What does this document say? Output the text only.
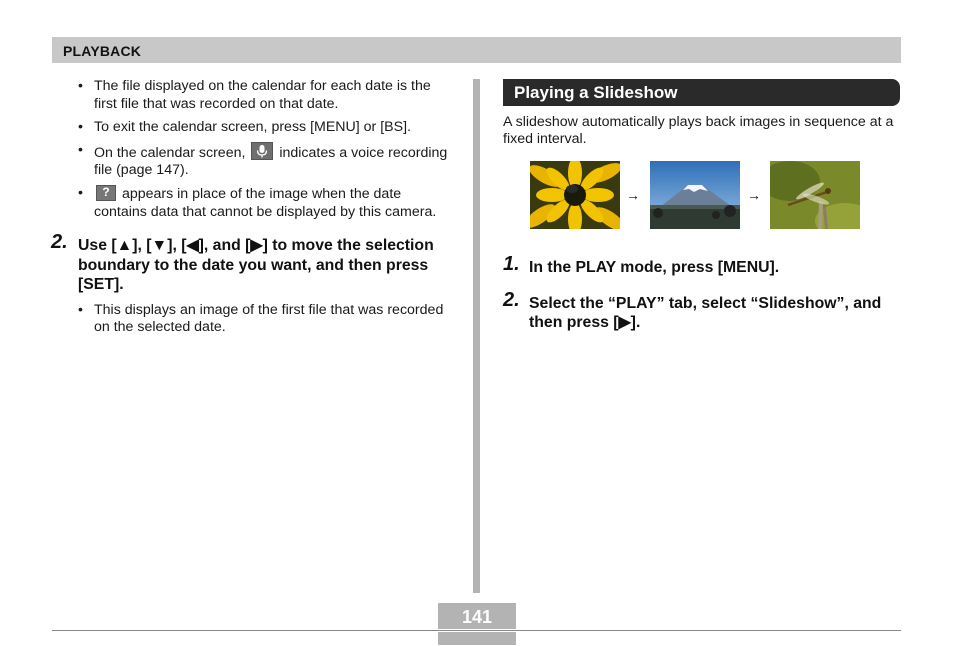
PLAYBACK
• The file displayed on the calendar for each date is the first file that was recorded on that date.
• To exit the calendar screen, press [MENU] or [BS].
• On the calendar screen,
indicates a voice recording file (page 147).
• ? appears in place of the image when the date contains data that cannot be displayed by this camera.
2. Use [▲], [▼], [◀], and [▶] to move the selection boundary to the date you want, and then press [SET].
• This displays an image of the first file that was recorded on the selected date.
Playing a Slideshow
A slideshow automatically plays back images in sequence at a fixed interval.
→	→
1. In the PLAY mode, press [MENU].
2. Select the “PLAY” tab, select “Slideshow”, and then press [▶].
141
